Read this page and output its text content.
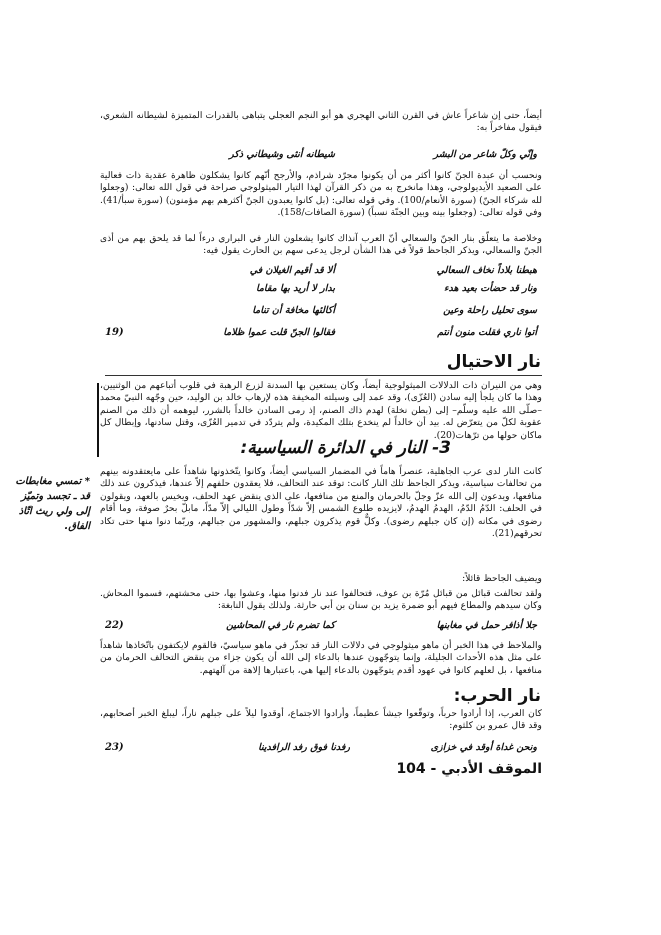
أيضاً، حتى إن شاعراً عاش في القرن الثاني الهجري هو أبو النجم العجلي يتباهى بالقدرات المتميزة لشيطانه الشعري، فيقول مفاخراً به:

وإنّي وكلّ شاعر من البشر
شيطانه أنثى وشيطاني ذكر

ونحسب أن عبدة الجنّ كانوا أكثر من أن يكونوا مجرّد شراذم، والأرجح أنّهم كانوا يشكلون ظاهرة عقدية ذات فعالية على الصعيد الأيديولوجي، وهذا مانخرج به من ذكر القرآن لهذا التيار الميثولوجي صراحة في قول الله تعالى: (وجعلوا لله شركاء الجنّ) (سورة الأنعام/100). وفي قوله تعالى: (بل كانوا يعبدون الجنّ أكثرهم بهم مؤمنون) (سورة سبأ/41). وفي قوله تعالى: (وجعلوا بينه وبين الجنّة نسباً) (سورة الصافات/158).

وخلاصة ما يتعلّق بنار الجنّ والسعالي أنّ العرب آنذاك كانوا يشعلون النار في البراري درءاً لما قد يلحق بهم من أذى الجنّ والسعالي، ويذكر الجاحظ قولاً في هذا الشأن لرجل يدعى سهم بن الحارث يقول فيه:

هبطنا بلاداً نخاف السعالي
ألا قد أقيم الغيلان في
ونار قد حضأت بعيد هدء
بدار لا أريد بها مقاما
سوى تحليل راحلة وعين
أكالئها مخافة أن تناما
أتوا ناري فقلت منون أنتم
فقالوا الجنّ قلت عموا ظلاما
(19
نار الاحتيال

وهي من النيران ذات الدلالات الميثولوجية أيضاً، وكان يستعين بها السدنة لزرع الرهبة في قلوب أتباعهم من الوثنيين، وهذا ما كان يلجأ إليه سادن (العُزّى)، وقد عمد إلى وسيلته المخيفة هذه لإرهاب خالد بن الوليد، حين وجّهه النبيّ محمد –صلّى الله عليه وسلّم– إلى (بطن نخلة) لهدم ذاك الصنم، إذ رمى السادن خالداً بالشرر، ليوهمه أن ذلك من الصنم عقوبة لكلّ من يتعرّض له. بيد أن خالداً لم ينخدع بتلك المكيدة، ولم يتردّد في تدمير العُزّى، وقتل سادنها، وإبطال كل ماكان حولها من ترّهات(20).

3- النار في الدائرة السياسية:
* تمسي مغابطات قد ـ تجسد وتميّز إلى ولي ريث اتّاذ الفاق.

كانت النار لدى عرب الجاهلية، عنصراً هاماً في المضمار السياسي أيضاً، وكانوا يتّخذونها شاهداً على مايعتقدونه بينهم من تحالفات سياسية، ويذكر الجاحظ تلك النار كانت: توقد عند التحالف، فلا يعقدون حلفهم إلاّ عندها، فيذكرون عند ذلك منافعها، ويدعون إلى الله عزّ وجلّ بالحرمان والمنع من منافعها، على الذي ينقض عهد الحلف، ويخيس بالعهد، ويقولون في الحلف: الدّمُ الدّمُ، الهدمُ الهدمُ، لايزيده طلوع الشمس إلاّ شدّاً وطول الليالي إلاّ مدّاً، مابلّ بحرٌ صوفة، وما أقام رضوى في مكانه (إن كان جبلهم رضوى). وكلٌّ قوم يذكرون جبلهم، والمشهور من جبالهم، وربّما دنوا منها حتى تكاد تحرقهم(21).

ويضيف الجاحظ قائلاً:

ولقد تحالفت قبائل من قبائل مُرّة بن عوف، فتحالفوا عند نار فدنوا منها، وعشوا بها، حتى محشتهم، فسموا المحاش. وكان سيدهم والمطاع فيهم أبو ضمرة يزيد بن سنان بن أبي حارثة. ولذلك يقول النابغة:

جلا أذافر حمل في مغابنها
كما تضرم نار في المحاشين
(22

والملاحظ في هذا الخبر أن ماهو ميثولوجي في دلالات النار قد تجذّر في ماهو سياسيّ، فالقوم لايكتفون باتّخاذها شاهداً على مثل هذه الأحداث الجليلة، وإنما يتوجّهون عندها بالدعاء إلى الله أن يكون جزاء من ينقض التحالف الحرمان من منافعها ، بل لعلهم كانوا في عهود أقدم يتوجّهون بالدعاء إليها هي، باعتبارها إلاهة من آلهتهم.

نار الحرب:

كان العرب، إذا أرادوا حرباً، وتوقّعوا جيشاً عظيماً، وأرادوا الاجتماع، أوقدوا ليلاً على جبلهم ناراً، ليبلغ الخبر أصحابهم، وقد قال عمرو بن كلثوم:

ونحن غداة أوقد في خزازى
رفدنا فوق رفد الرافدينا
(23
الموقف الأدبي - 104
